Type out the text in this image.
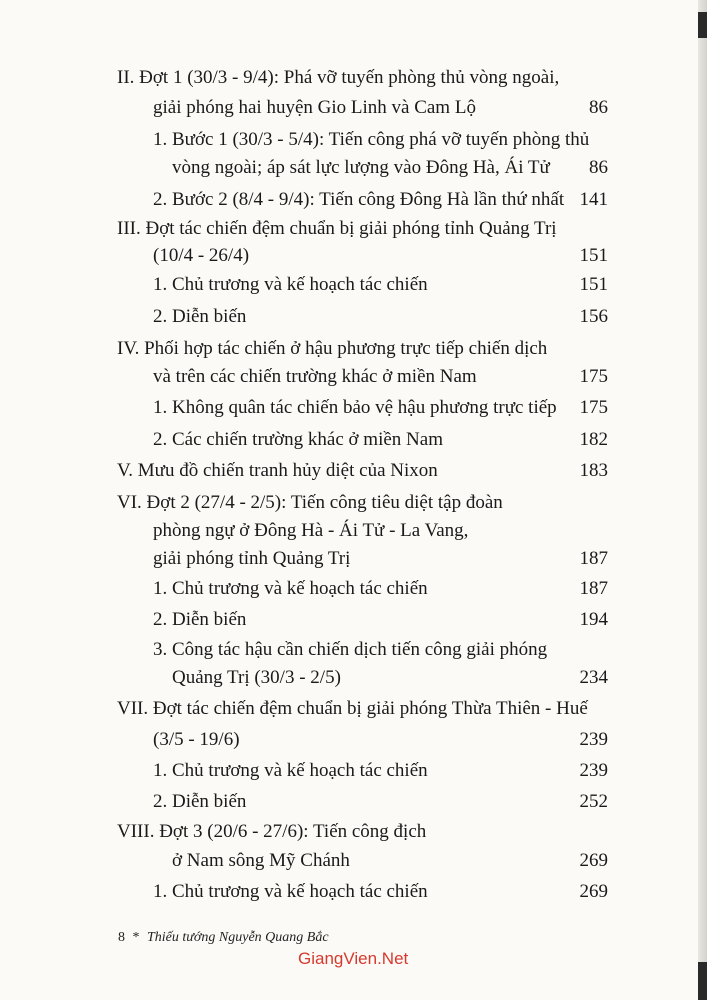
II. Đợt 1 (30/3 - 9/4): Phá vỡ tuyến phòng thủ vòng ngoài,
giải phóng hai huyện Gio Linh và Cam Lộ	86
1. Bước 1 (30/3 - 5/4): Tiến công phá vỡ tuyến phòng thủ
vòng ngoài; áp sát lực lượng vào Đông Hà, Ái Tử	86
2. Bước 2 (8/4 - 9/4): Tiến công Đông Hà lần thứ nhất 141
III. Đợt tác chiến đệm chuẩn bị giải phóng tỉnh Quảng Trị
(10/4 - 26/4)	151
1. Chủ trương và kế hoạch tác chiến	151
2. Diễn biến	156
IV. Phối hợp tác chiến ở hậu phương trực tiếp chiến dịch
và trên các chiến trường khác ở miền Nam	175
1. Không quân tác chiến bảo vệ hậu phương trực tiếp	175
2. Các chiến trường khác ở miền Nam	182
V. Mưu đồ chiến tranh hủy diệt của Nixon	183
VI. Đợt 2 (27/4 - 2/5): Tiến công tiêu diệt tập đoàn
phòng ngự ở Đông Hà - Ái Tử - La Vang,
giải phóng tỉnh Quảng Trị	187
1. Chủ trương và kế hoạch tác chiến	187
2. Diễn biến	194
3. Công tác hậu cần chiến dịch tiến công giải phóng
Quảng Trị (30/3 - 2/5)	234
VII. Đợt tác chiến đệm chuẩn bị giải phóng Thừa Thiên - Huế
(3/5 - 19/6)	239
1. Chủ trương và kế hoạch tác chiến	239
2. Diễn biến	252
VIII. Đợt 3 (20/6 - 27/6): Tiến công địch
ở Nam sông Mỹ Chánh	269
1. Chủ trương và kế hoạch tác chiến	269
8 * Thiếu tướng Nguyễn Quang Bắc
GiangVien.Net
